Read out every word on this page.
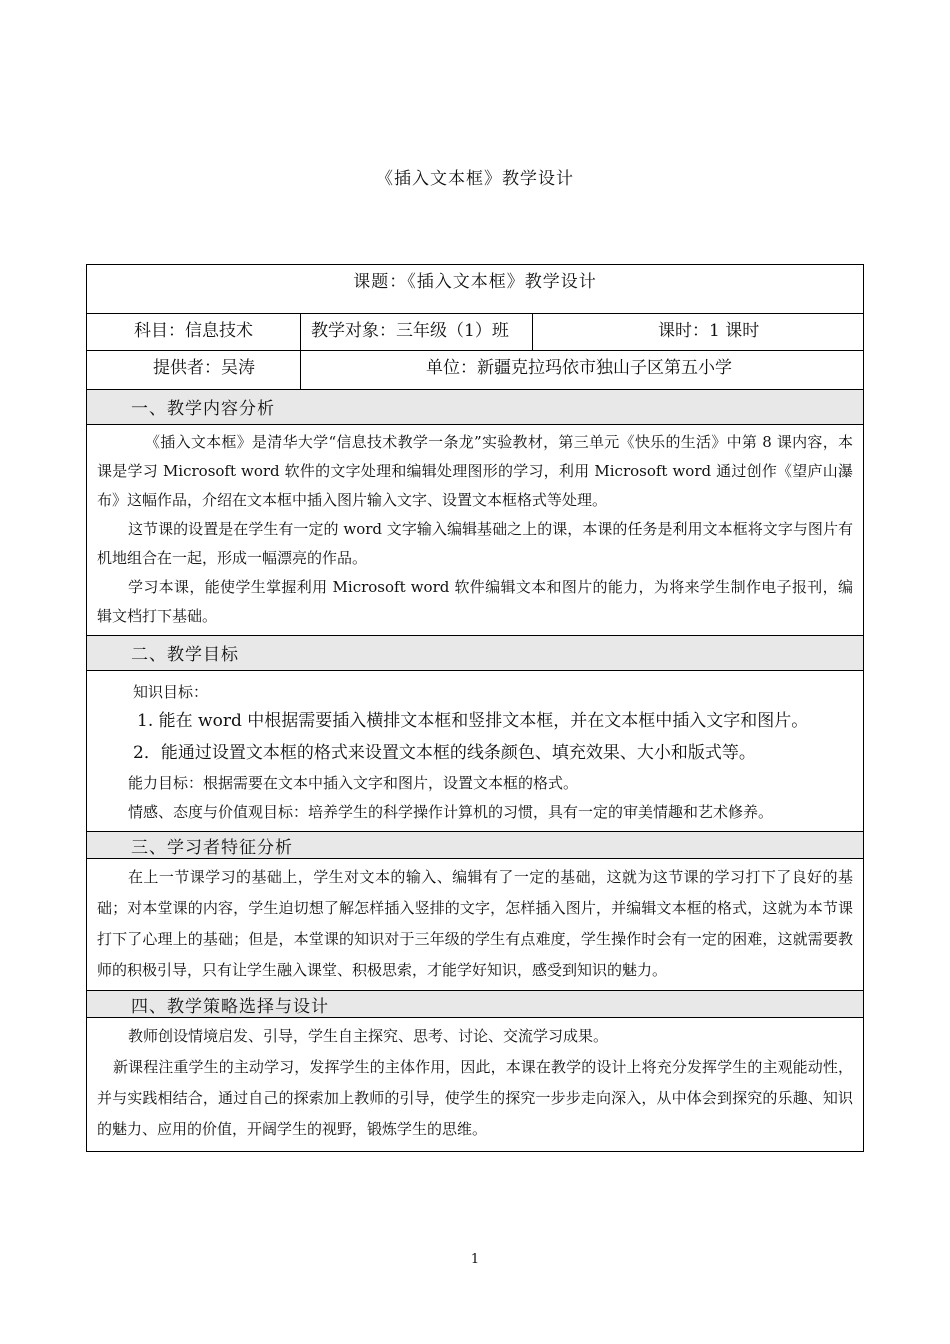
《插入文本框》教学设计
课题：《插入文本框》教学设计		

科目：信息技术	教学对象：三年级（1）班	课时：1 课时

提供者：吴涛	单位：新疆克拉玛依市独山子区第五小学	

一、教学内容分析		

《插入文本框》是清华大学“信息技术教学一条龙”实验教材，第三单元《快乐的生活》中第 8 课内容，本课是学习 Microsoft word 软件的文字处理和编辑处理图形的学习，利用 Microsoft word 通过创作《望庐山瀑布》这幅作品，介绍在文本框中插入图片输入文字、设置文本框格式等处理。

这节课的设置是在学生有一定的 word 文字输入编辑基础之上的课，本课的任务是利用文本框将文字与图片有机地组合在一起，形成一幅漂亮的作品。

学习本课，能使学生掌握利用 Microsoft word 软件编辑文本和图片的能力，为将来学生制作电子报刊，编辑文档打下基础。		

二、教学目标		

知识目标：

1. 能在 word 中根据需要插入横排文本框和竖排文本框，并在文本框中插入文字和图片。

2．能通过设置文本框的格式来设置文本框的线条颜色、填充效果、大小和版式等。

能力目标：根据需要在文本中插入文字和图片，设置文本框的格式。

情感、态度与价值观目标：培养学生的科学操作计算机的习惯，具有一定的审美情趣和艺术修养。		

三、学习者特征分析		

在上一节课学习的基础上，学生对文本的输入、编辑有了一定的基础，这就为这节课的学习打下了良好的基础；对本堂课的内容，学生迫切想了解怎样插入竖排的文字，怎样插入图片，并编辑文本框的格式，这就为本节课打下了心理上的基础；但是，本堂课的知识对于三年级的学生有点难度，学生操作时会有一定的困难，这就需要教师的积极引导，只有让学生融入课堂、积极思索，才能学好知识，感受到知识的魅力。		

四、教学策略选择与设计		

教师创设情境启发、引导，学生自主探究、思考、讨论、交流学习成果。

新课程注重学生的主动学习，发挥学生的主体作用，因此，本课在教学的设计上将充分发挥学生的主观能动性，并与实践相结合，通过自己的探索加上教师的引导，使学生的探究一步步走向深入，从中体会到探究的乐趣、知识的魅力、应用的价值，开阔学生的视野，锻炼学生的思维。		

1
